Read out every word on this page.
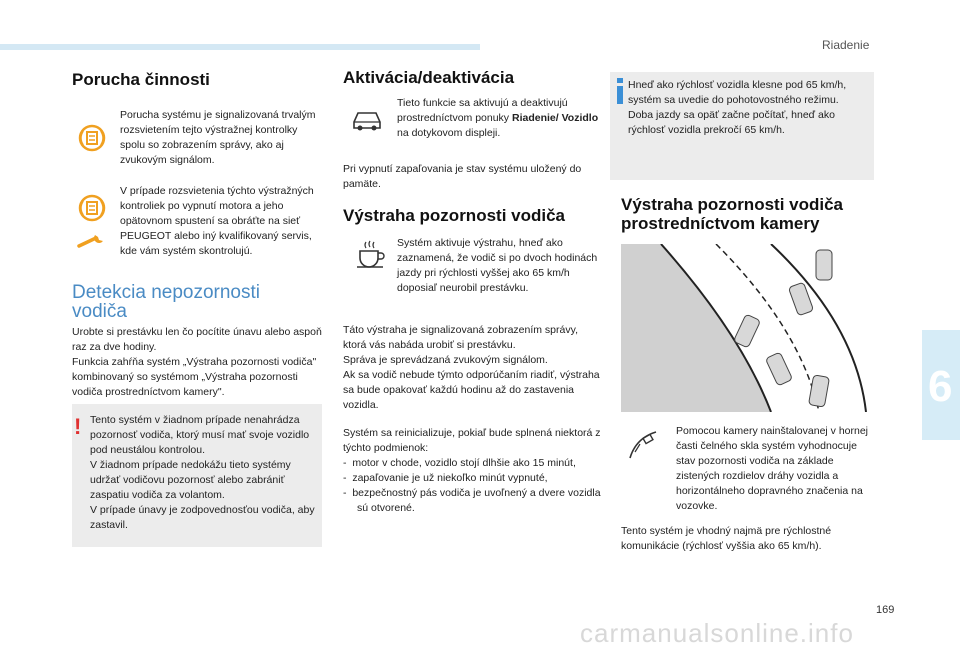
Riadenie
6
169
Porucha činnosti

Porucha systému je signalizovaná trvalým rozsvietením tejto výstražnej kontrolky spolu so zobrazením správy, ako aj zvukovým signálom.

V prípade rozsvietenia týchto výstražných kontroliek po vypnutí motora a jeho opätovnom spustení sa obráťte na sieť PEUGEOT alebo iný kvalifikovaný servis, kde vám systém skontrolujú.

Detekcia nepozornosti
vodiča

Urobte si prestávku len čo pocítite únavu alebo aspoň raz za dve hodiny.

Funkcia zahŕňa systém „Výstraha pozornosti vodiča" kombinovaný so systémom „Výstraha pozornosti vodiča prostredníctvom kamery".

! Tento systém v žiadnom prípade nenahrádza pozornosť vodiča, ktorý musí mať svoje vozidlo pod neustálou kontrolou.

V žiadnom prípade nedokážu tieto systémy udržať vodičovu pozornosť alebo zabrániť zaspatiu vodiča za volantom.

V prípade únavy je zodpovednosťou vodiča, aby zastavil.

Aktivácia/deaktivácia

Tieto funkcie sa aktivujú a deaktivujú prostredníctvom ponuky Riadenie/ Vozidlo na dotykovom displeji.

Pri vypnutí zapaľovania je stav systému uložený do pamäte.

Výstraha pozornosti vodiča

Systém aktivuje výstrahu, hneď ako zaznamená, že vodič si po dvoch hodinách jazdy pri rýchlosti vyššej ako 65 km/h doposiaľ neurobil prestávku.

Táto výstraha je signalizovaná zobrazením správy, ktorá vás nabáda urobiť si prestávku.

Správa je sprevádzaná zvukovým signálom.

Ak sa vodič nebude týmto odporúčaním riadiť, výstraha sa bude opakovať každú hodinu až do zastavenia vozidla.

Systém sa reinicializuje, pokiaľ bude splnená niektorá z týchto podmienok:

-  motor v chode, vozidlo stojí dlhšie ako 15 minút,

-  zapaľovanie je už niekoľko minút vypnuté,

-  bezpečnostný pás vodiča je uvoľnený a dvere vozidla sú otvorené.

Hneď ako rýchlosť vozidla klesne pod 65 km/h, systém sa uvedie do pohotovostného režimu.

Doba jazdy sa opäť začne počítať, hneď ako rýchlosť vozidla prekročí 65 km/h.

Výstraha pozornosti vodiča
prostredníctvom kamery

Pomocou kamery nainštalovanej v hornej časti čelného skla systém vyhodnocuje stav pozornosti vodiča na základe zistených rozdielov dráhy vozidla a horizontálneho dopravného značenia na vozovke.

Tento systém je vhodný najmä pre rýchlostné komunikácie (rýchlosť vyššia ako 65 km/h).

carmanualsonline.info
